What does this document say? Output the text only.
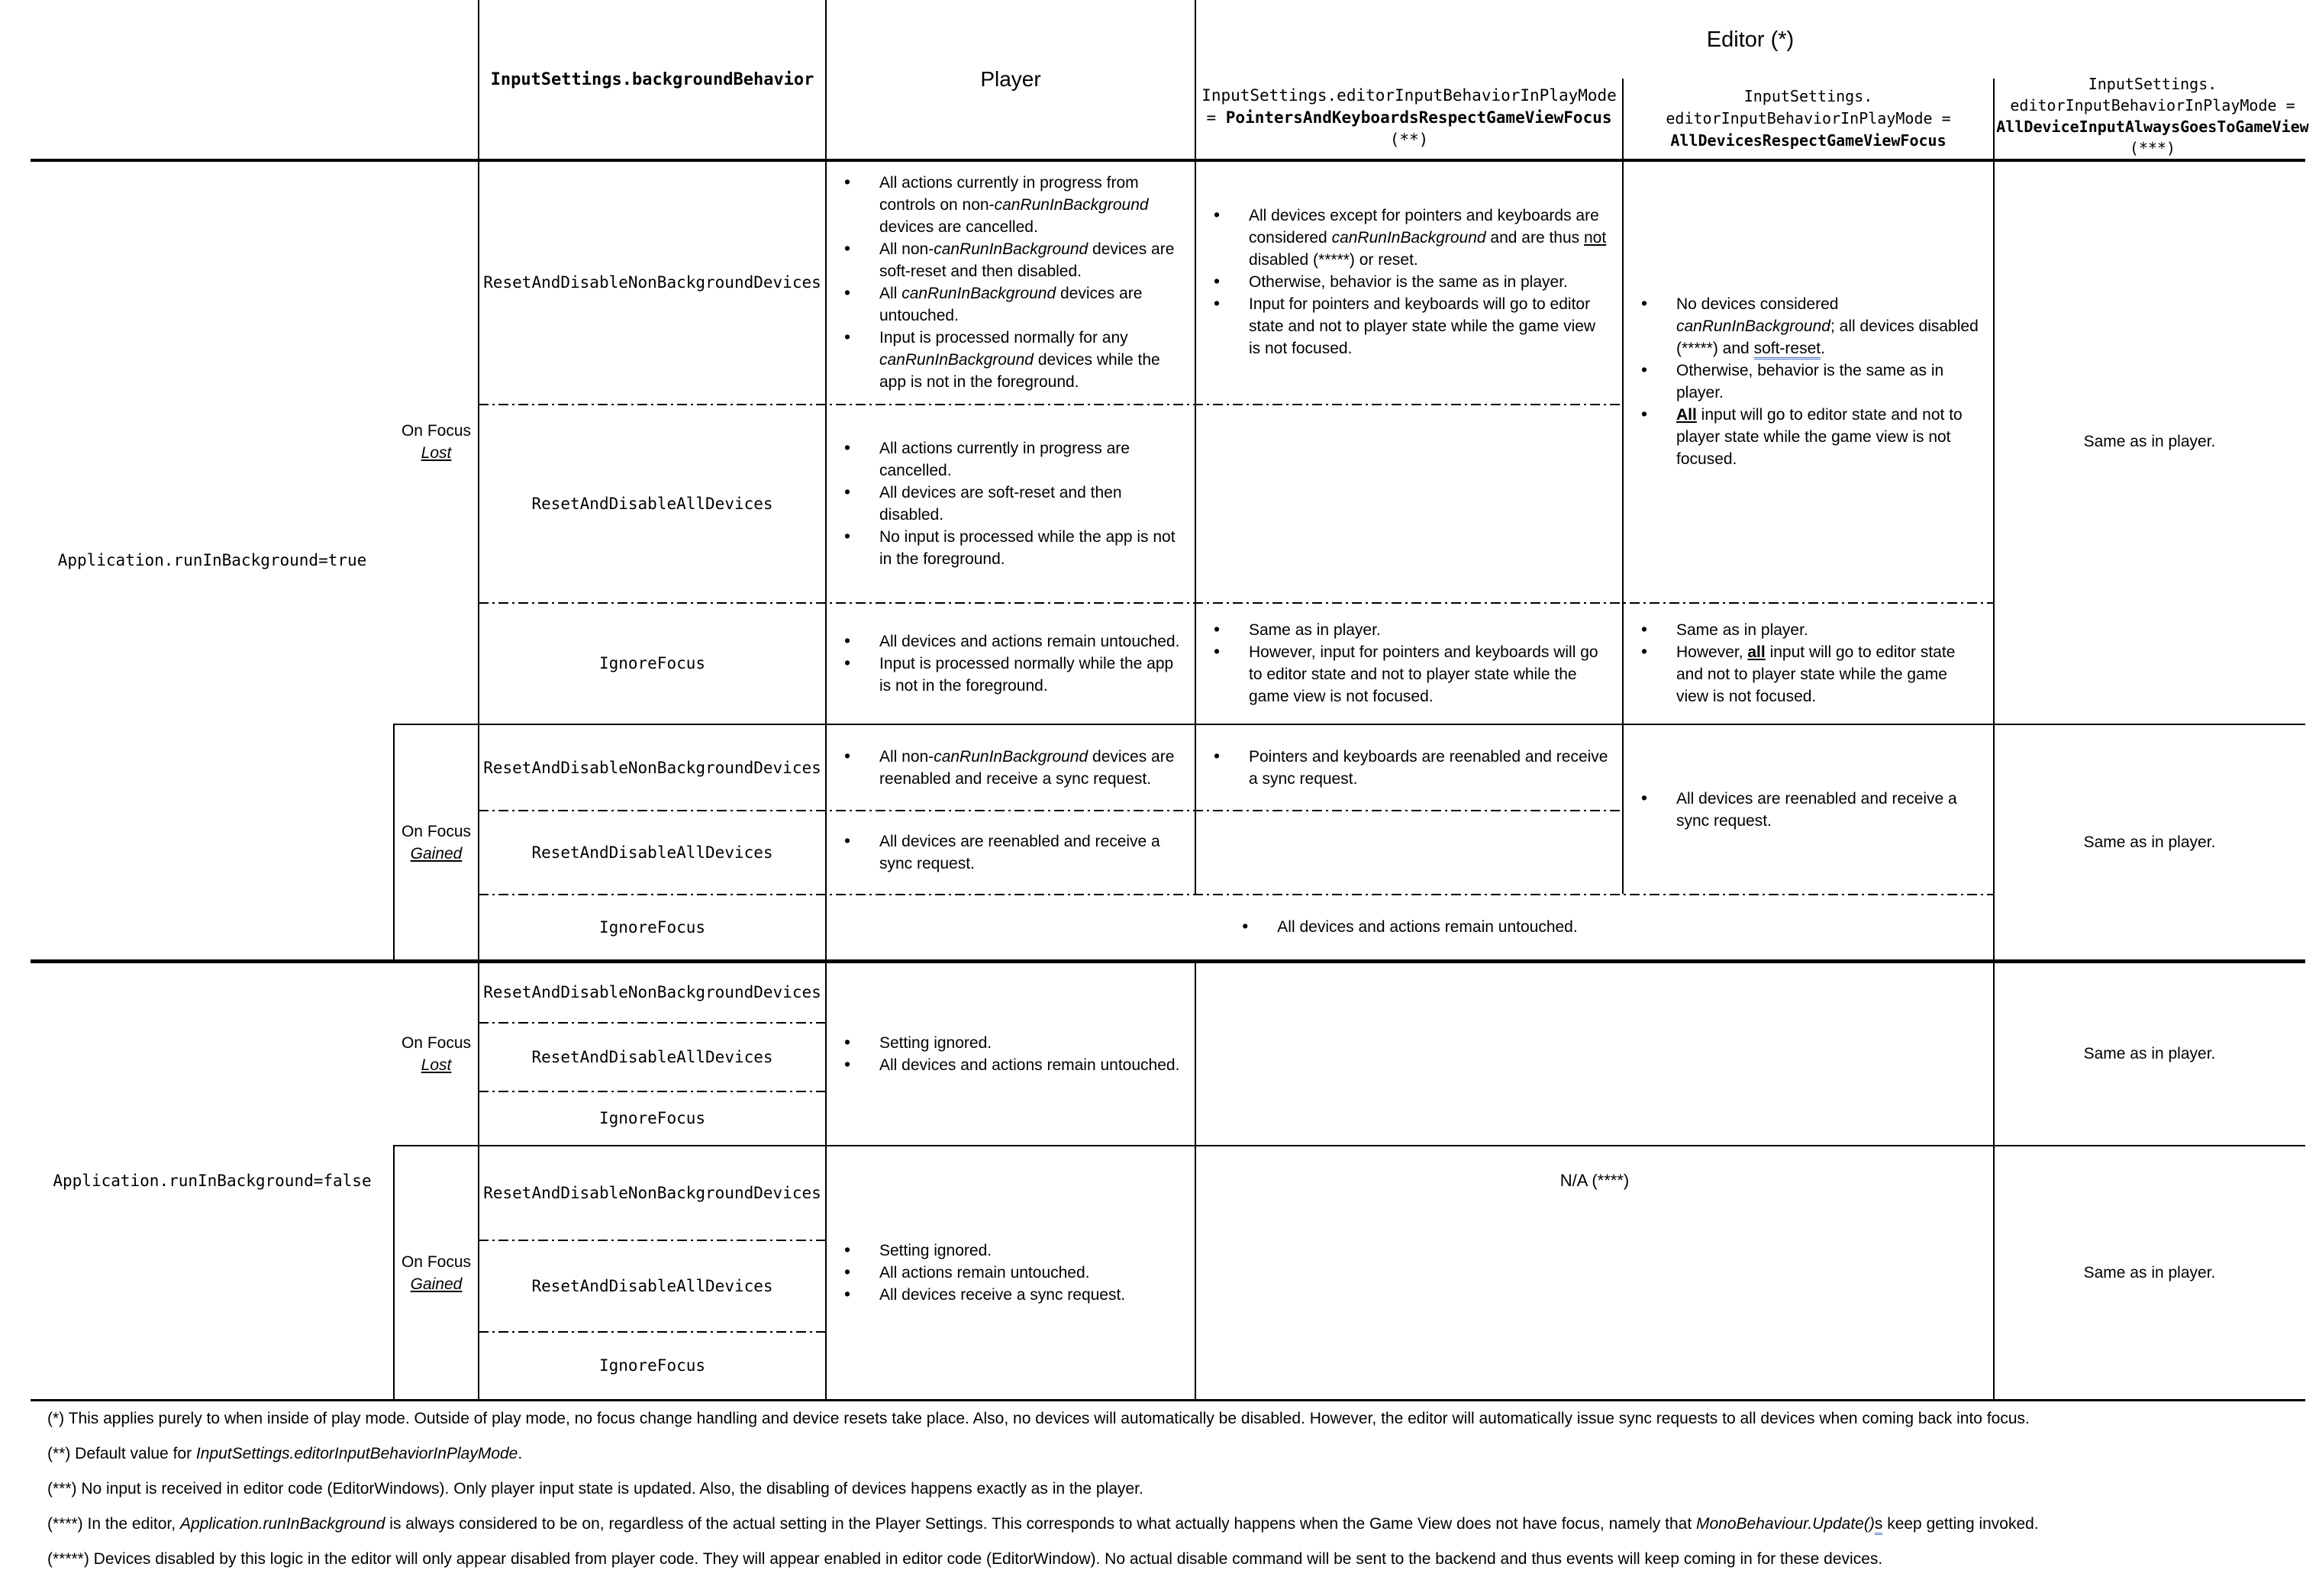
InputSettings.backgroundBehavior	Player
Editor (*)
InputSettings.editorInputBehaviorInPlayMode
= PointersAndKeyboardsRespectGameViewFocus
(**)
InputSettings.
editorInputBehaviorInPlayMode =
AllDevicesRespectGameViewFocus
InputSettings.
editorInputBehaviorInPlayMode =
AllDeviceInputAlwaysGoesToGameView
(***)
Application.runInBackground=true
Application.runInBackground=false
On Focus
Lost
On Focus
Gained
On Focus
Lost
On Focus
Gained
ResetAndDisableNonBackgroundDevices
ResetAndDisableAllDevices
IgnoreFocus
ResetAndDisableNonBackgroundDevices
ResetAndDisableAllDevices
IgnoreFocus
ResetAndDisableNonBackgroundDevices
ResetAndDisableAllDevices
IgnoreFocus
ResetAndDisableNonBackgroundDevices
ResetAndDisableAllDevices
IgnoreFocus
• All actions currently in progress from controls on non-canRunInBackground devices are cancelled.
• All non-canRunInBackground devices are soft-reset and then disabled.
• All canRunInBackground devices are untouched.
• Input is processed normally for any canRunInBackground devices while the app is not in the foreground.
• All actions currently in progress are cancelled.
• All devices are soft-reset and then disabled.
• No input is processed while the app is not in the foreground.
• All devices and actions remain untouched.
• Input is processed normally while the app is not in the foreground.
• All non-canRunInBackground devices are reenabled and receive a sync request.
• All devices are reenabled and receive a sync request.
• All devices and actions remain untouched.
• All devices except for pointers and keyboards are considered canRunInBackground and are thus not disabled (*****) or reset.
• Otherwise, behavior is the same as in player.
• Input for pointers and keyboards will go to editor state and not to player state while the game view is not focused.
• Same as in player.
• However, input for pointers and keyboards will go to editor state and not to player state while the game view is not focused.
• Pointers and keyboards are reenabled and receive a sync request.
• No devices considered canRunInBackground; all devices disabled (*****) and soft-reset.
• Otherwise, behavior is the same as in player.
• All input will go to editor state and not to player state while the game view is not focused.
• Same as in player.
• However, all input will go to editor state and not to player state while the game view is not focused.
• All devices are reenabled and receive a sync request.
Same as in player.
Same as in player.
• Setting ignored.
• All devices and actions remain untouched.
• Setting ignored.
• All actions remain untouched.
• All devices receive a sync request.
N/A (****)
Same as in player.
Same as in player.

(*) This applies purely to when inside of play mode. Outside of play mode, no focus change handling and device resets take place. Also, no devices will automatically be disabled. However, the editor will automatically issue sync requests to all devices when coming back into focus.

(**) Default value for InputSettings.editorInputBehaviorInPlayMode.

(***) No input is received in editor code (EditorWindows). Only player input state is updated. Also, the disabling of devices happens exactly as in the player.

(****) In the editor, Application.runInBackground is always considered to be on, regardless of the actual setting in the Player Settings. This corresponds to what actually happens when the Game View does not have focus, namely that MonoBehaviour.Update()s keep getting invoked.

(*****) Devices disabled by this logic in the editor will only appear disabled from player code. They will appear enabled in editor code (EditorWindow). No actual disable command will be sent to the backend and thus events will keep coming in for these devices.
